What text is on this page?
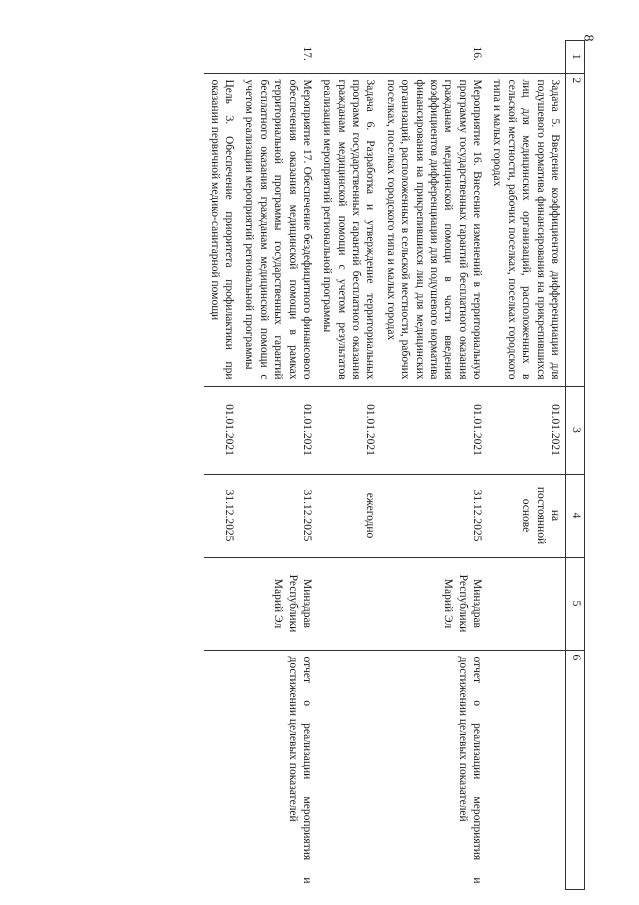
8
1	2	3	4	5	6
	Задача 5. Введение коэффициентов дифференциации для подушевого норматива финансирования на прикрепившихся лиц для медицинских организаций, расположенных в сельской местности, рабочих поселках, поселках городского типа и малых городах	01.01.2021	на постоянной основе		
16.	Мероприятие 16. Внесение изменений в территориальную программу государственных гарантий бесплатного оказания гражданам медицинской помощи в части введения коэффициентов дифференциации для подушевого норматива финансирования на прикрепившихся лиц для медицинских организаций, расположенных в сельской местности, рабочих поселках, поселках городского типа и малых городах	01.01.2021	31.12.2025	Минздрав Республики Марий Эл	отчет о реализации мероприятия и достижении целевых показателей
	Задача 6. Разработка и утверждение территориальных программ государственных гарантий бесплатного оказания гражданам медицинской помощи с учетом результатов реализации мероприятий региональной программы	01.01.2021	ежегодно		
17.	Мероприятие 17. Обеспечение бездефицитного финансового обеспечения оказания медицинской помощи в рамках территориальной программы государственных гарантий бесплатного оказания гражданам медицинской помощи с учетом реализации мероприятий региональной программы	01.01.2021	31.12.2025	Минздрав Республики Марий Эл	отчет о реализации мероприятия и достижении целевых показателей
	Цель 3. Обеспечение приоритета профилактики при оказании первичной медико-санитарной помощи	01.01.2021	31.12.2025		
